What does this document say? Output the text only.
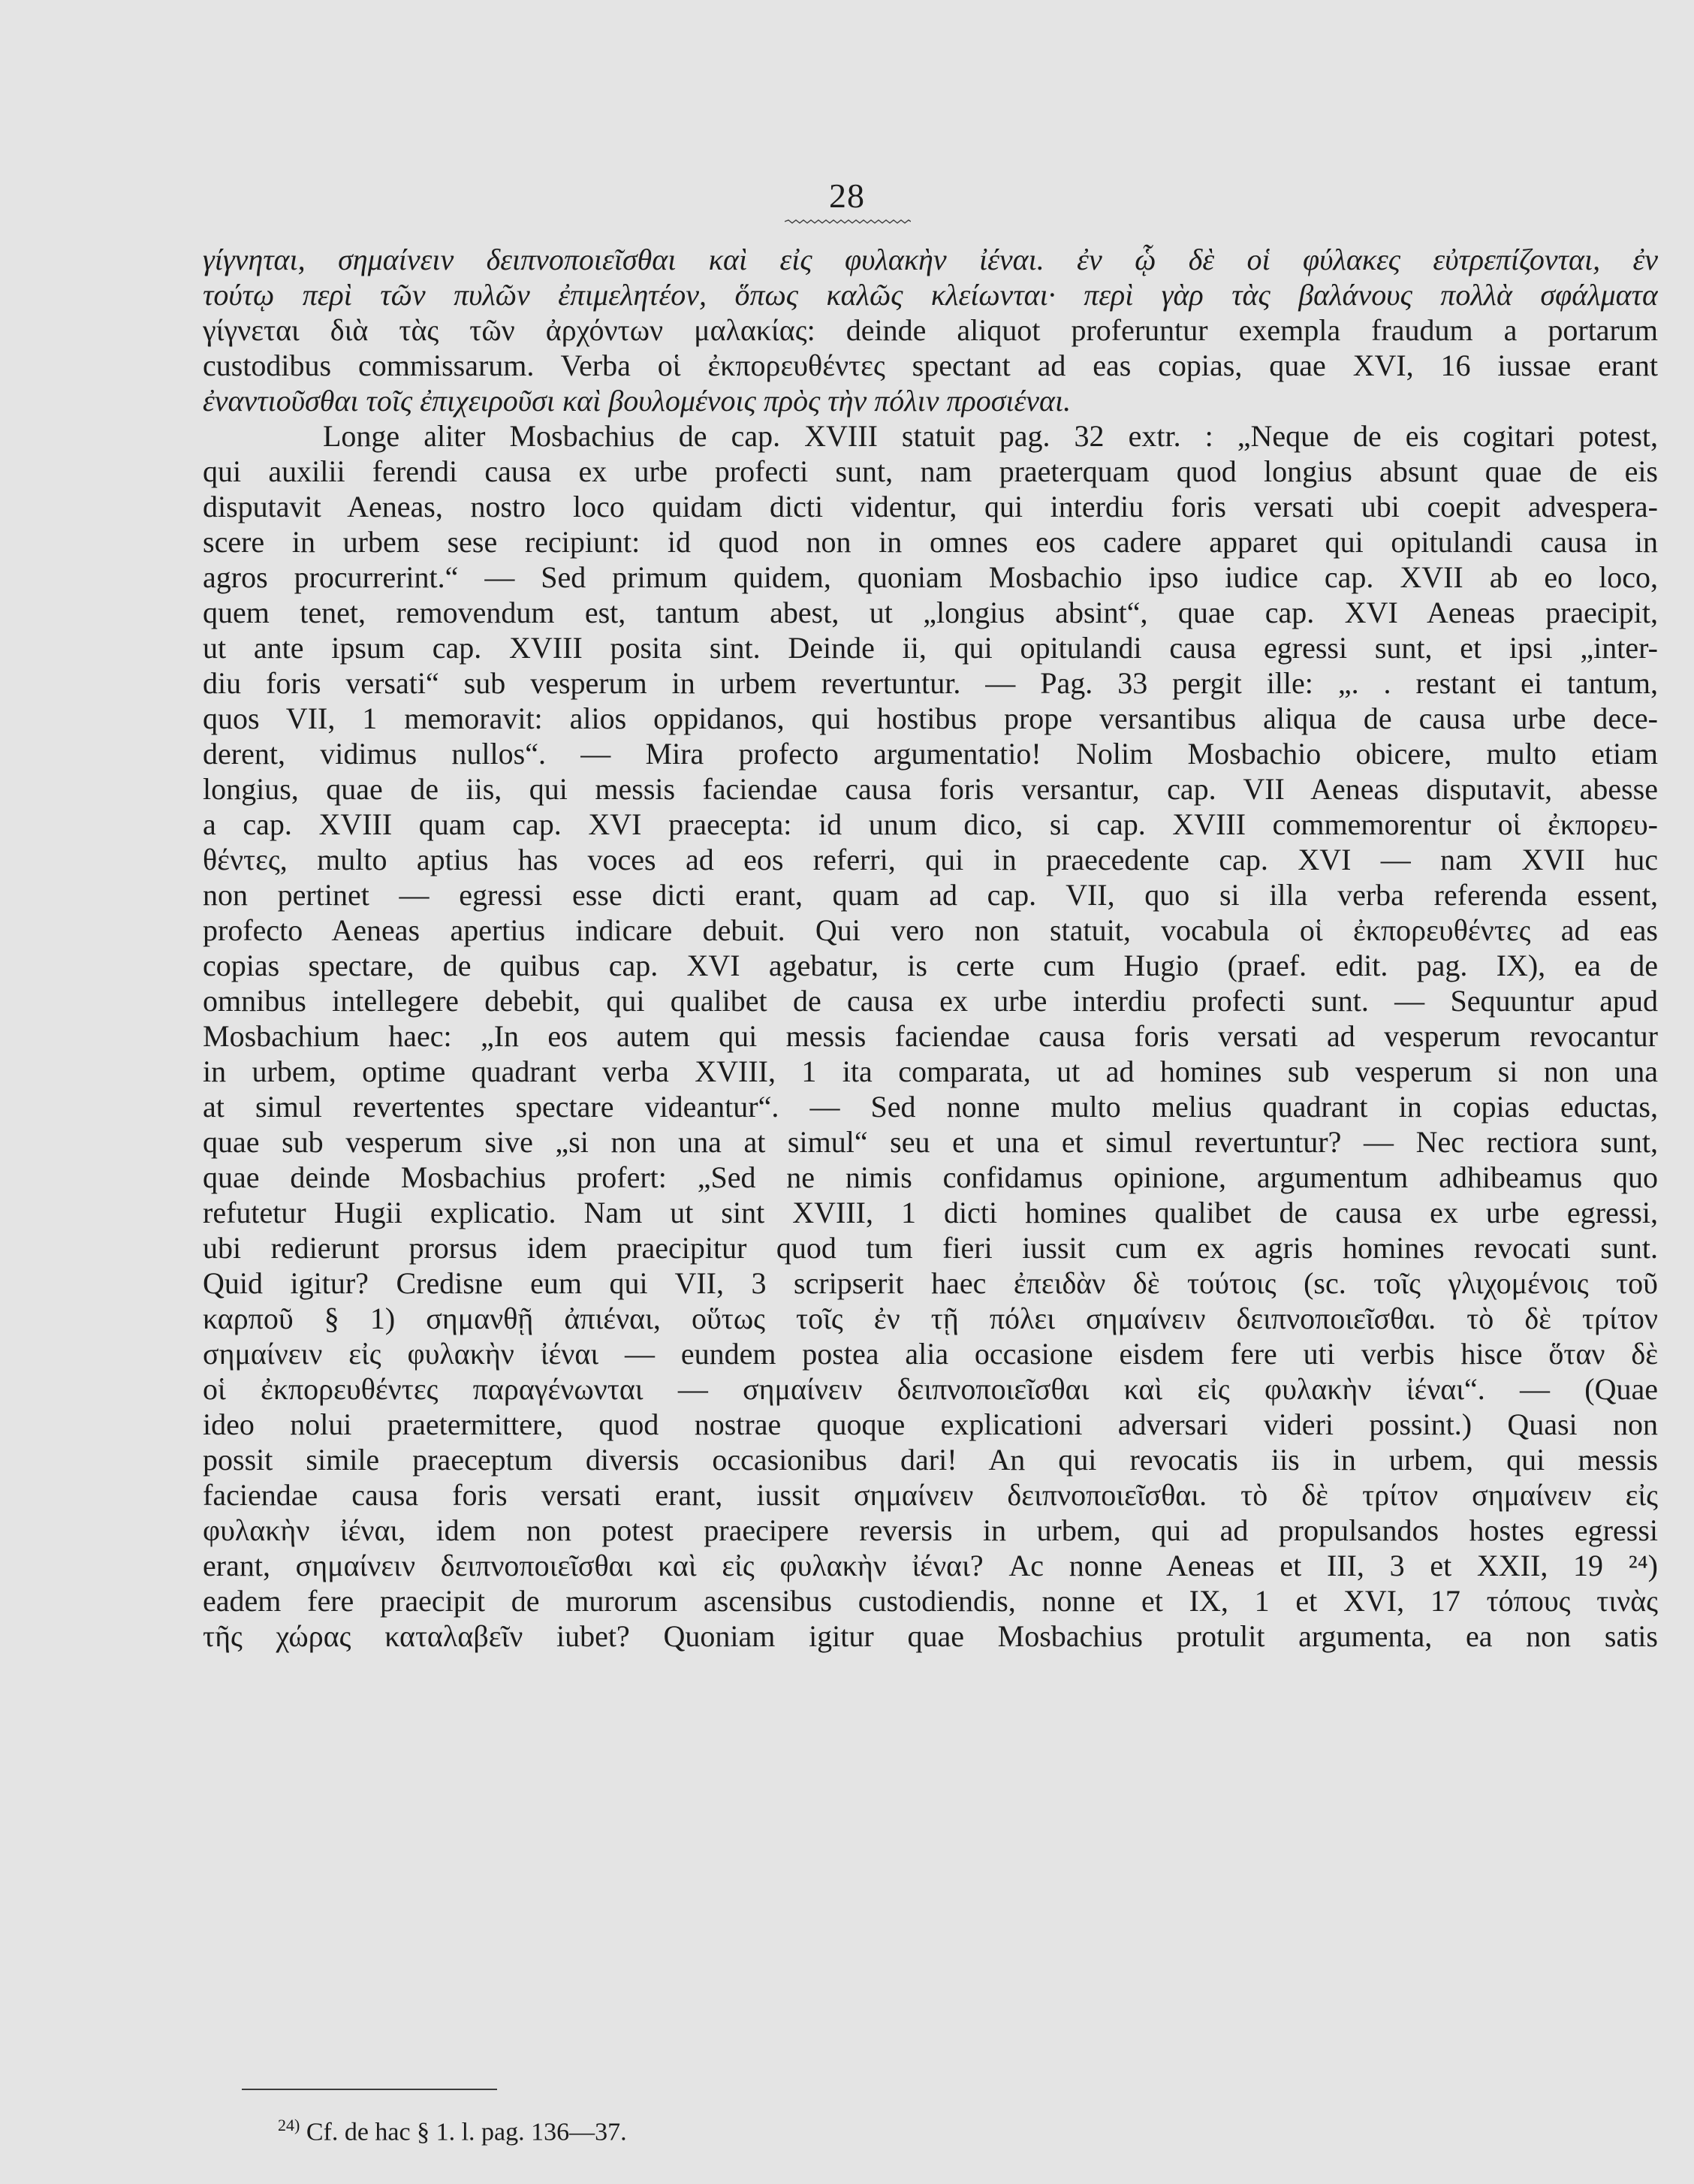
28
γίγνηται, σημαίνειν δειπνοποιεῖσθαι καὶ εἰς φυλακὴν ἰέναι. ἐν ᾧ δὲ οἱ φύλακες εὐτρεπίζονται, ἐν
τούτῳ περὶ τῶν πυλῶν ἐπιμελητέον, ὅπως καλῶς κλείωνται· περὶ γὰρ τὰς βαλάνους πολλὰ σφάλματα
γίγνεται διὰ τὰς τῶν ἀρχόντων μαλακίας: deinde aliquot proferuntur exempla fraudum a portarum
custodibus commissarum. Verba οἱ ἐκπορευθέντες spectant ad eas copias, quae XVI, 16 iussae erant
ἐναντιοῦσθαι τοῖς ἐπιχειροῦσι καὶ βουλομένοις πρὸς τὴν πόλιν προσιέναι.
Longe aliter Mosbachius de cap. XVIII statuit pag. 32 extr. : „Neque de eis cogitari potest,
qui auxilii ferendi causa ex urbe profecti sunt, nam praeterquam quod longius absunt quae de eis
disputavit Aeneas, nostro loco quidam dicti videntur, qui interdiu foris versati ubi coepit advespera-
scere in urbem sese recipiunt: id quod non in omnes eos cadere apparet qui opitulandi causa in
agros procurrerint.“ — Sed primum quidem, quoniam Mosbachio ipso iudice cap. XVII ab eo loco,
quem tenet, removendum est, tantum abest, ut „longius absint“, quae cap. XVI Aeneas praecipit,
ut ante ipsum cap. XVIII posita sint. Deinde ii, qui opitulandi causa egressi sunt, et ipsi „inter-
diu foris versati“ sub vesperum in urbem revertuntur. — Pag. 33 pergit ille: „. . restant ei tantum,
quos VII, 1 memoravit: alios oppidanos, qui hostibus prope versantibus aliqua de causa urbe dece-
derent, vidimus nullos“. — Mira profecto argumentatio! Nolim Mosbachio obicere, multo etiam
longius, quae de iis, qui messis faciendae causa foris versantur, cap. VII Aeneas disputavit, abesse
a cap. XVIII quam cap. XVI praecepta: id unum dico, si cap. XVIII commemorentur οἱ ἐκπορευ-
θέντες, multo aptius has voces ad eos referri, qui in praecedente cap. XVI — nam XVII huc
non pertinet — egressi esse dicti erant, quam ad cap. VII, quo si illa verba referenda essent,
profecto Aeneas apertius indicare debuit. Qui vero non statuit, vocabula οἱ ἐκπορευθέντες ad eas
copias spectare, de quibus cap. XVI agebatur, is certe cum Hugio (praef. edit. pag. IX), ea de
omnibus intellegere debebit, qui qualibet de causa ex urbe interdiu profecti sunt. — Sequuntur apud
Mosbachium haec: „In eos autem qui messis faciendae causa foris versati ad vesperum revocantur
in urbem, optime quadrant verba XVIII, 1 ita comparata, ut ad homines sub vesperum si non una
at simul revertentes spectare videantur“. — Sed nonne multo melius quadrant in copias eductas,
quae sub vesperum sive „si non una at simul“ seu et una et simul revertuntur? — Nec rectiora sunt,
quae deinde Mosbachius profert: „Sed ne nimis confidamus opinione, argumentum adhibeamus quo
refutetur Hugii explicatio. Nam ut sint XVIII, 1 dicti homines qualibet de causa ex urbe egressi,
ubi redierunt prorsus idem praecipitur quod tum fieri iussit cum ex agris homines revocati sunt.
Quid igitur? Credisne eum qui VII, 3 scripserit haec ἐπειδὰν δὲ τούτοις (sc. τοῖς γλιχομένοις τοῦ
καρποῦ § 1) σημανθῇ ἀπιέναι, οὕτως τοῖς ἐν τῇ πόλει σημαίνειν δειπνοποιεῖσθαι. τὸ δὲ τρίτον
σημαίνειν εἰς φυλακὴν ἰέναι — eundem postea alia occasione eisdem fere uti verbis hisce ὅταν δὲ
οἱ ἐκπορευθέντες παραγένωνται — σημαίνειν δειπνοποιεῖσθαι καὶ εἰς φυλακὴν ἰέναι“. — (Quae
ideo nolui praetermittere, quod nostrae quoque explicationi adversari videri possint.) Quasi non
possit simile praeceptum diversis occasionibus dari! An qui revocatis iis in urbem, qui messis
faciendae causa foris versati erant, iussit σημαίνειν δειπνοποιεῖσθαι. τὸ δὲ τρίτον σημαίνειν εἰς
φυλακὴν ἰέναι, idem non potest praecipere reversis in urbem, qui ad propulsandos hostes egressi
erant, σημαίνειν δειπνοποιεῖσθαι καὶ εἰς φυλακὴν ἰέναι? Ac nonne Aeneas et III, 3 et XXII, 19 ²⁴)
eadem fere praecipit de murorum ascensibus custodiendis, nonne et IX, 1 et XVI, 17 τόπους τινὰς
τῆς χώρας καταλαβεῖν iubet? Quoniam igitur quae Mosbachius protulit argumenta, ea non satis
$^{24)}$ Cf. de hac § 1. l. pag. 136—37.
